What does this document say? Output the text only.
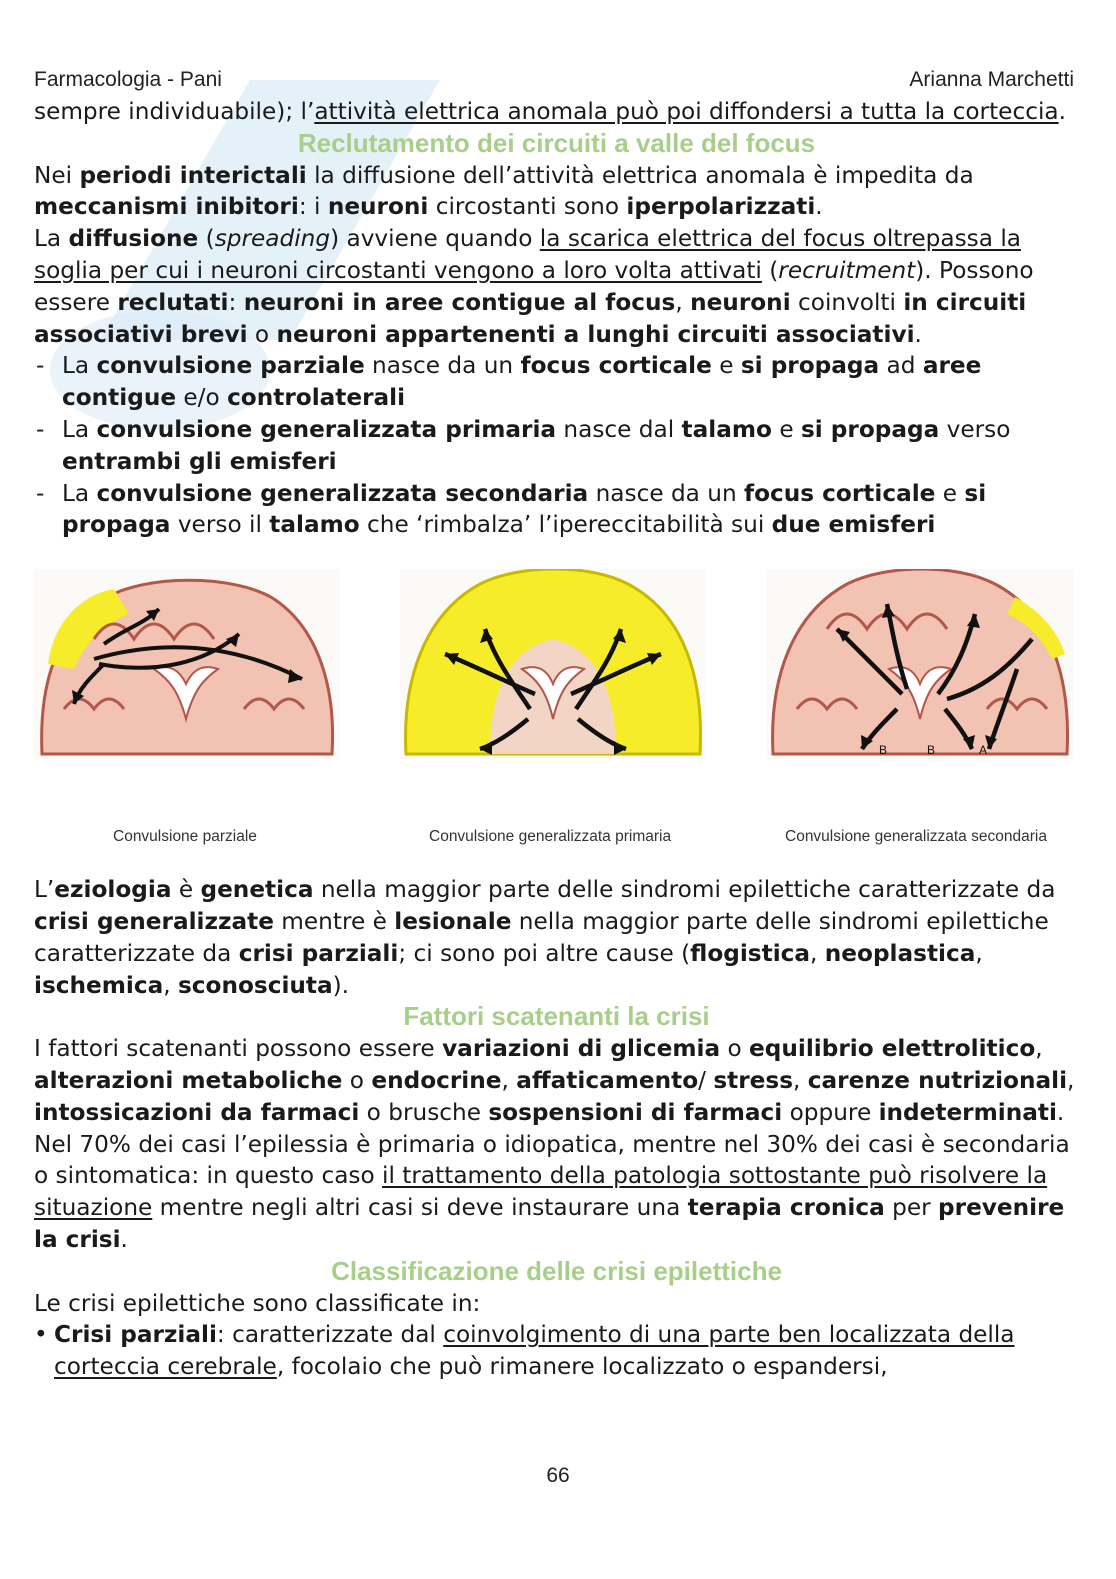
Farmacologia - Pani	Arianna Marchetti

sempre individuabile); l’attività elettrica anomala può poi diffondersi a tutta la corteccia.

Reclutamento dei circuiti a valle del focus

Nei periodi interictali la diffusione dell’attività elettrica anomala è impedita da meccanismi inibitori: i neuroni circostanti sono iperpolarizzati.

La diffusione (spreading) avviene quando la scarica elettrica del focus oltrepassa la soglia per cui i neuroni circostanti vengono a loro volta attivati (recruitment). Possono essere reclutati: neuroni in aree contigue al focus, neuroni coinvolti in circuiti associativi brevi o neuroni appartenenti a lunghi circuiti associativi.

- La convulsione parziale nasce da un focus corticale e si propaga ad aree contigue e/o controlaterali

- La convulsione generalizzata primaria nasce dal talamo e si propaga verso entrambi gli emisferi

- La convulsione generalizzata secondaria nasce da un focus corticale e si propaga verso il talamo che ‘rimbalza’ l’ipereccitabilità sui due emisferi

Convulsione parziale	Convulsione generalizzata primaria
B	B	A
Convulsione generalizzata secondaria

L’eziologia è genetica nella maggior parte delle sindromi epilettiche caratterizzate da crisi generalizzate mentre è lesionale nella maggior parte delle sindromi epilettiche caratterizzate da crisi parziali; ci sono poi altre cause (flogistica, neoplastica, ischemica, sconosciuta).

Fattori scatenanti la crisi

I fattori scatenanti possono essere variazioni di glicemia o equilibrio elettrolitico, alterazioni metaboliche o endocrine, affaticamento/ stress, carenze nutrizionali, intossicazioni da farmaci o brusche sospensioni di farmaci oppure indeterminati.

Nel 70% dei casi l’epilessia è primaria o idiopatica, mentre nel 30% dei casi è secondaria o sintomatica: in questo caso il trattamento della patologia sottostante può risolvere la situazione mentre negli altri casi si deve instaurare una terapia cronica per prevenire la crisi.

Classificazione delle crisi epilettiche

Le crisi epilettiche sono classificate in:

• Crisi parziali: caratterizzate dal coinvolgimento di una parte ben localizzata della corteccia cerebrale, focolaio che può rimanere localizzato o espandersi,

66
